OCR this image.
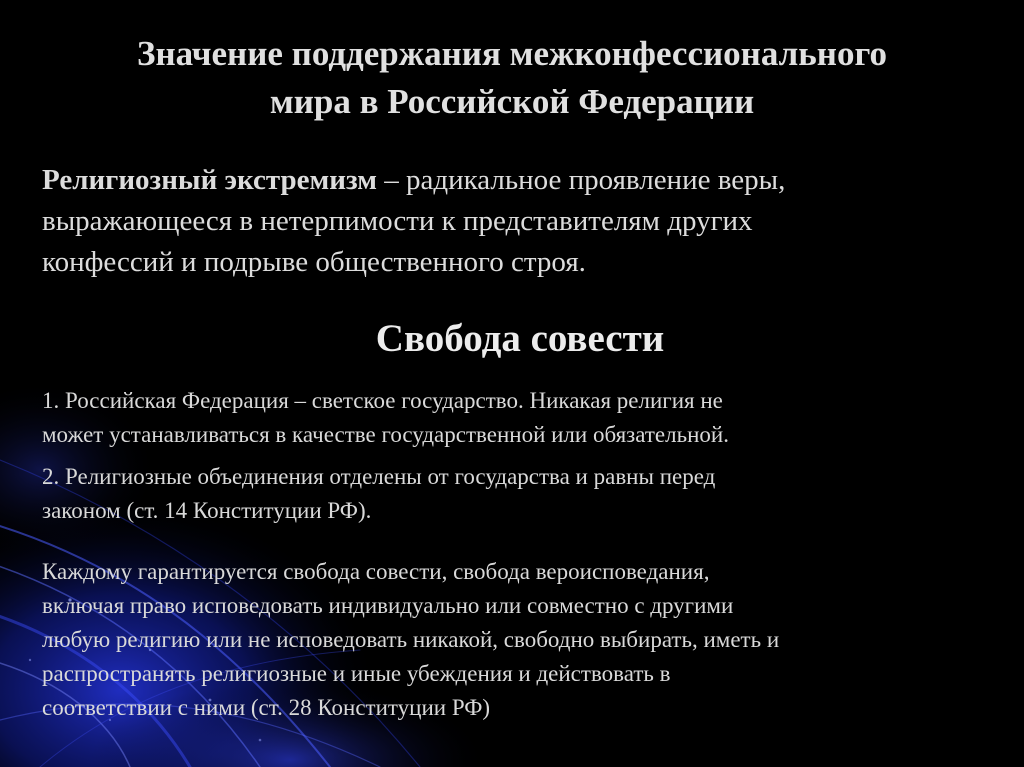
Значение поддержания межконфессионального
мира в Российской Федерации
Религиозный экстремизм – радикальное проявление веры,
выражающееся в нетерпимости к представителям других
конфессий и подрыве общественного строя.
Свобода совести
1. Российская Федерация – светское государство. Никакая религия не
может устанавливаться в качестве государственной или обязательной.
2. Религиозные объединения отделены от государства и равны перед
законом (ст. 14 Конституции РФ).
Каждому гарантируется свобода совести, свобода вероисповедания,
включая право исповедовать индивидуально или совместно с другими
любую религию или не исповедовать никакой, свободно выбирать, иметь и
распространять религиозные и иные убеждения и действовать в
соответствии с ними (ст. 28 Конституции РФ)
